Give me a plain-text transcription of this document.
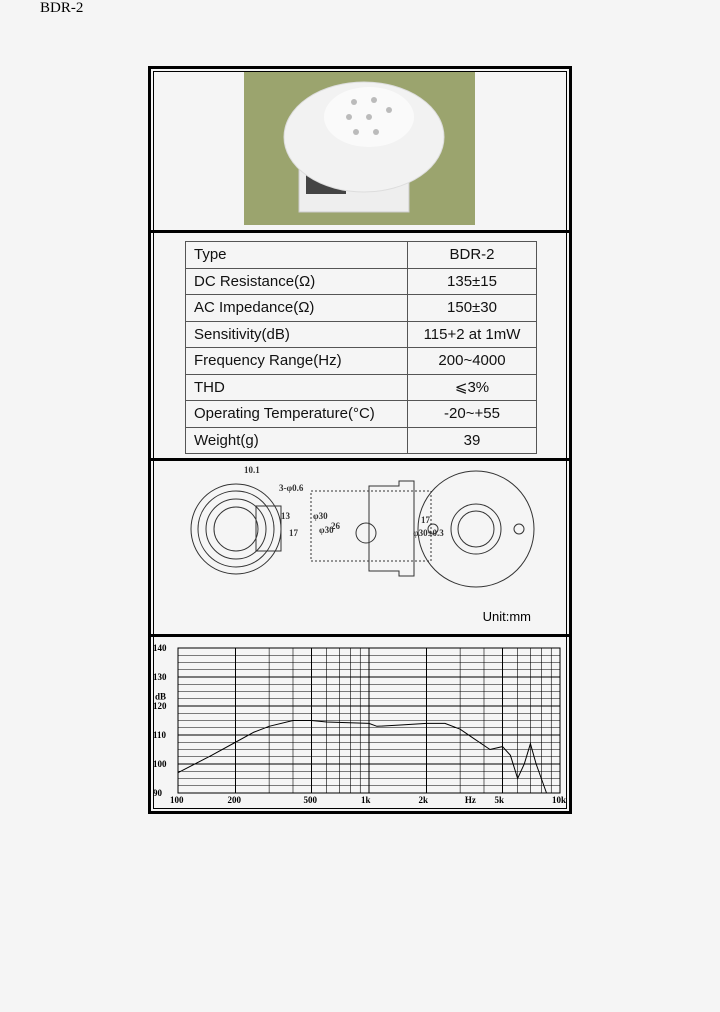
BDR-2
Type	BDR-2
DC Resistance(Ω)	135±15
AC Impedance(Ω)	150±30
Sensitivity(dB)	115+2 at 1mW
Frequency Range(Hz)	200~4000
THD	⩽3%
Operating Temperature(°C)	-20~+55
Weight(g)	39
10.1
3-φ0.6
13
17
φ30
φ30
26
17
φ30±0.3
Unit:mm
90
100
110
120
130
140
dB
100	200	500	1k	2k	Hz 5k	10k
